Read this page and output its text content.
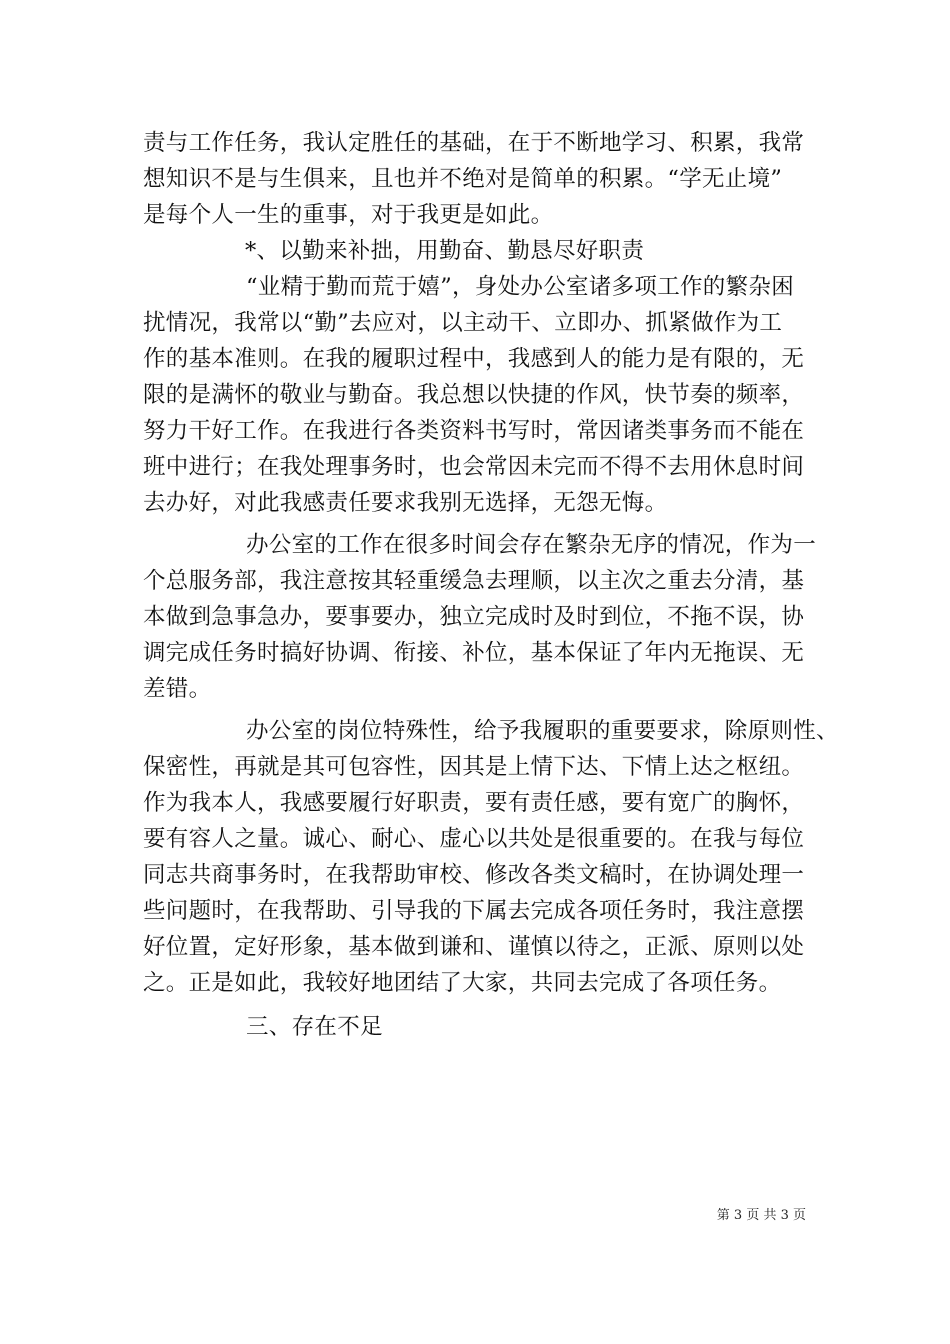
责与工作任务，我认定胜任的基础，在于不断地学习、积累，我常
想知识不是与生俱来，且也并不绝对是简单的积累。“学无止境”
是每个人一生的重事，对于我更是如此。
*、以勤来补拙，用勤奋、勤恳尽好职责
“业精于勤而荒于嬉”，身处办公室诸多项工作的繁杂困
扰情况，我常以“勤”去应对，以主动干、立即办、抓紧做作为工
作的基本准则。在我的履职过程中，我感到人的能力是有限的，无
限的是满怀的敬业与勤奋。我总想以快捷的作风，快节奏的频率，
努力干好工作。在我进行各类资料书写时，常因诸类事务而不能在
班中进行；在我处理事务时，也会常因未完而不得不去用休息时间
去办好，对此我感责任要求我别无选择，无怨无悔。
办公室的工作在很多时间会存在繁杂无序的情况，作为一
个总服务部，我注意按其轻重缓急去理顺，以主次之重去分清，基
本做到急事急办，要事要办，独立完成时及时到位，不拖不误，协
调完成任务时搞好协调、衔接、补位，基本保证了年内无拖误、无
差错。
办公室的岗位特殊性，给予我履职的重要要求，除原则性、
保密性，再就是其可包容性，因其是上情下达、下情上达之枢纽。
作为我本人，我感要履行好职责，要有责任感，要有宽广的胸怀，
要有容人之量。诚心、耐心、虚心以共处是很重要的。在我与每位
同志共商事务时，在我帮助审校、修改各类文稿时，在协调处理一
些问题时，在我帮助、引导我的下属去完成各项任务时，我注意摆
好位置，定好形象，基本做到谦和、谨慎以待之，正派、原则以处
之。正是如此，我较好地团结了大家，共同去完成了各项任务。
三、存在不足
第 3 页 共 3 页
